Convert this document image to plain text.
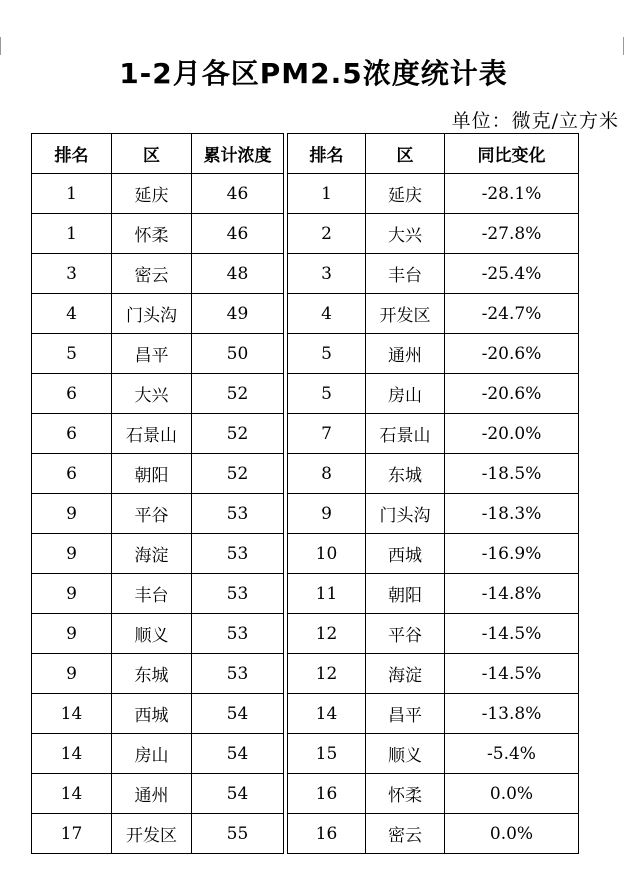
1-2月各区PM2.5浓度统计表
单位：微克/立方米
排名	区	累计浓度
1	延庆	46
1	怀柔	46
3	密云	48
4	门头沟	49
5	昌平	50
6	大兴	52
6	石景山	52
6	朝阳	52
9	平谷	53
9	海淀	53
9	丰台	53
9	顺义	53
9	东城	53
14	西城	54
14	房山	54
14	通州	54
17	开发区	55
排名	区	同比变化
1	延庆	-28.1%
2	大兴	-27.8%
3	丰台	-25.4%
4	开发区	-24.7%
5	通州	-20.6%
5	房山	-20.6%
7	石景山	-20.0%
8	东城	-18.5%
9	门头沟	-18.3%
10	西城	-16.9%
11	朝阳	-14.8%
12	平谷	-14.5%
12	海淀	-14.5%
14	昌平	-13.8%
15	顺义	-5.4%
16	怀柔	0.0%
16	密云	0.0%
